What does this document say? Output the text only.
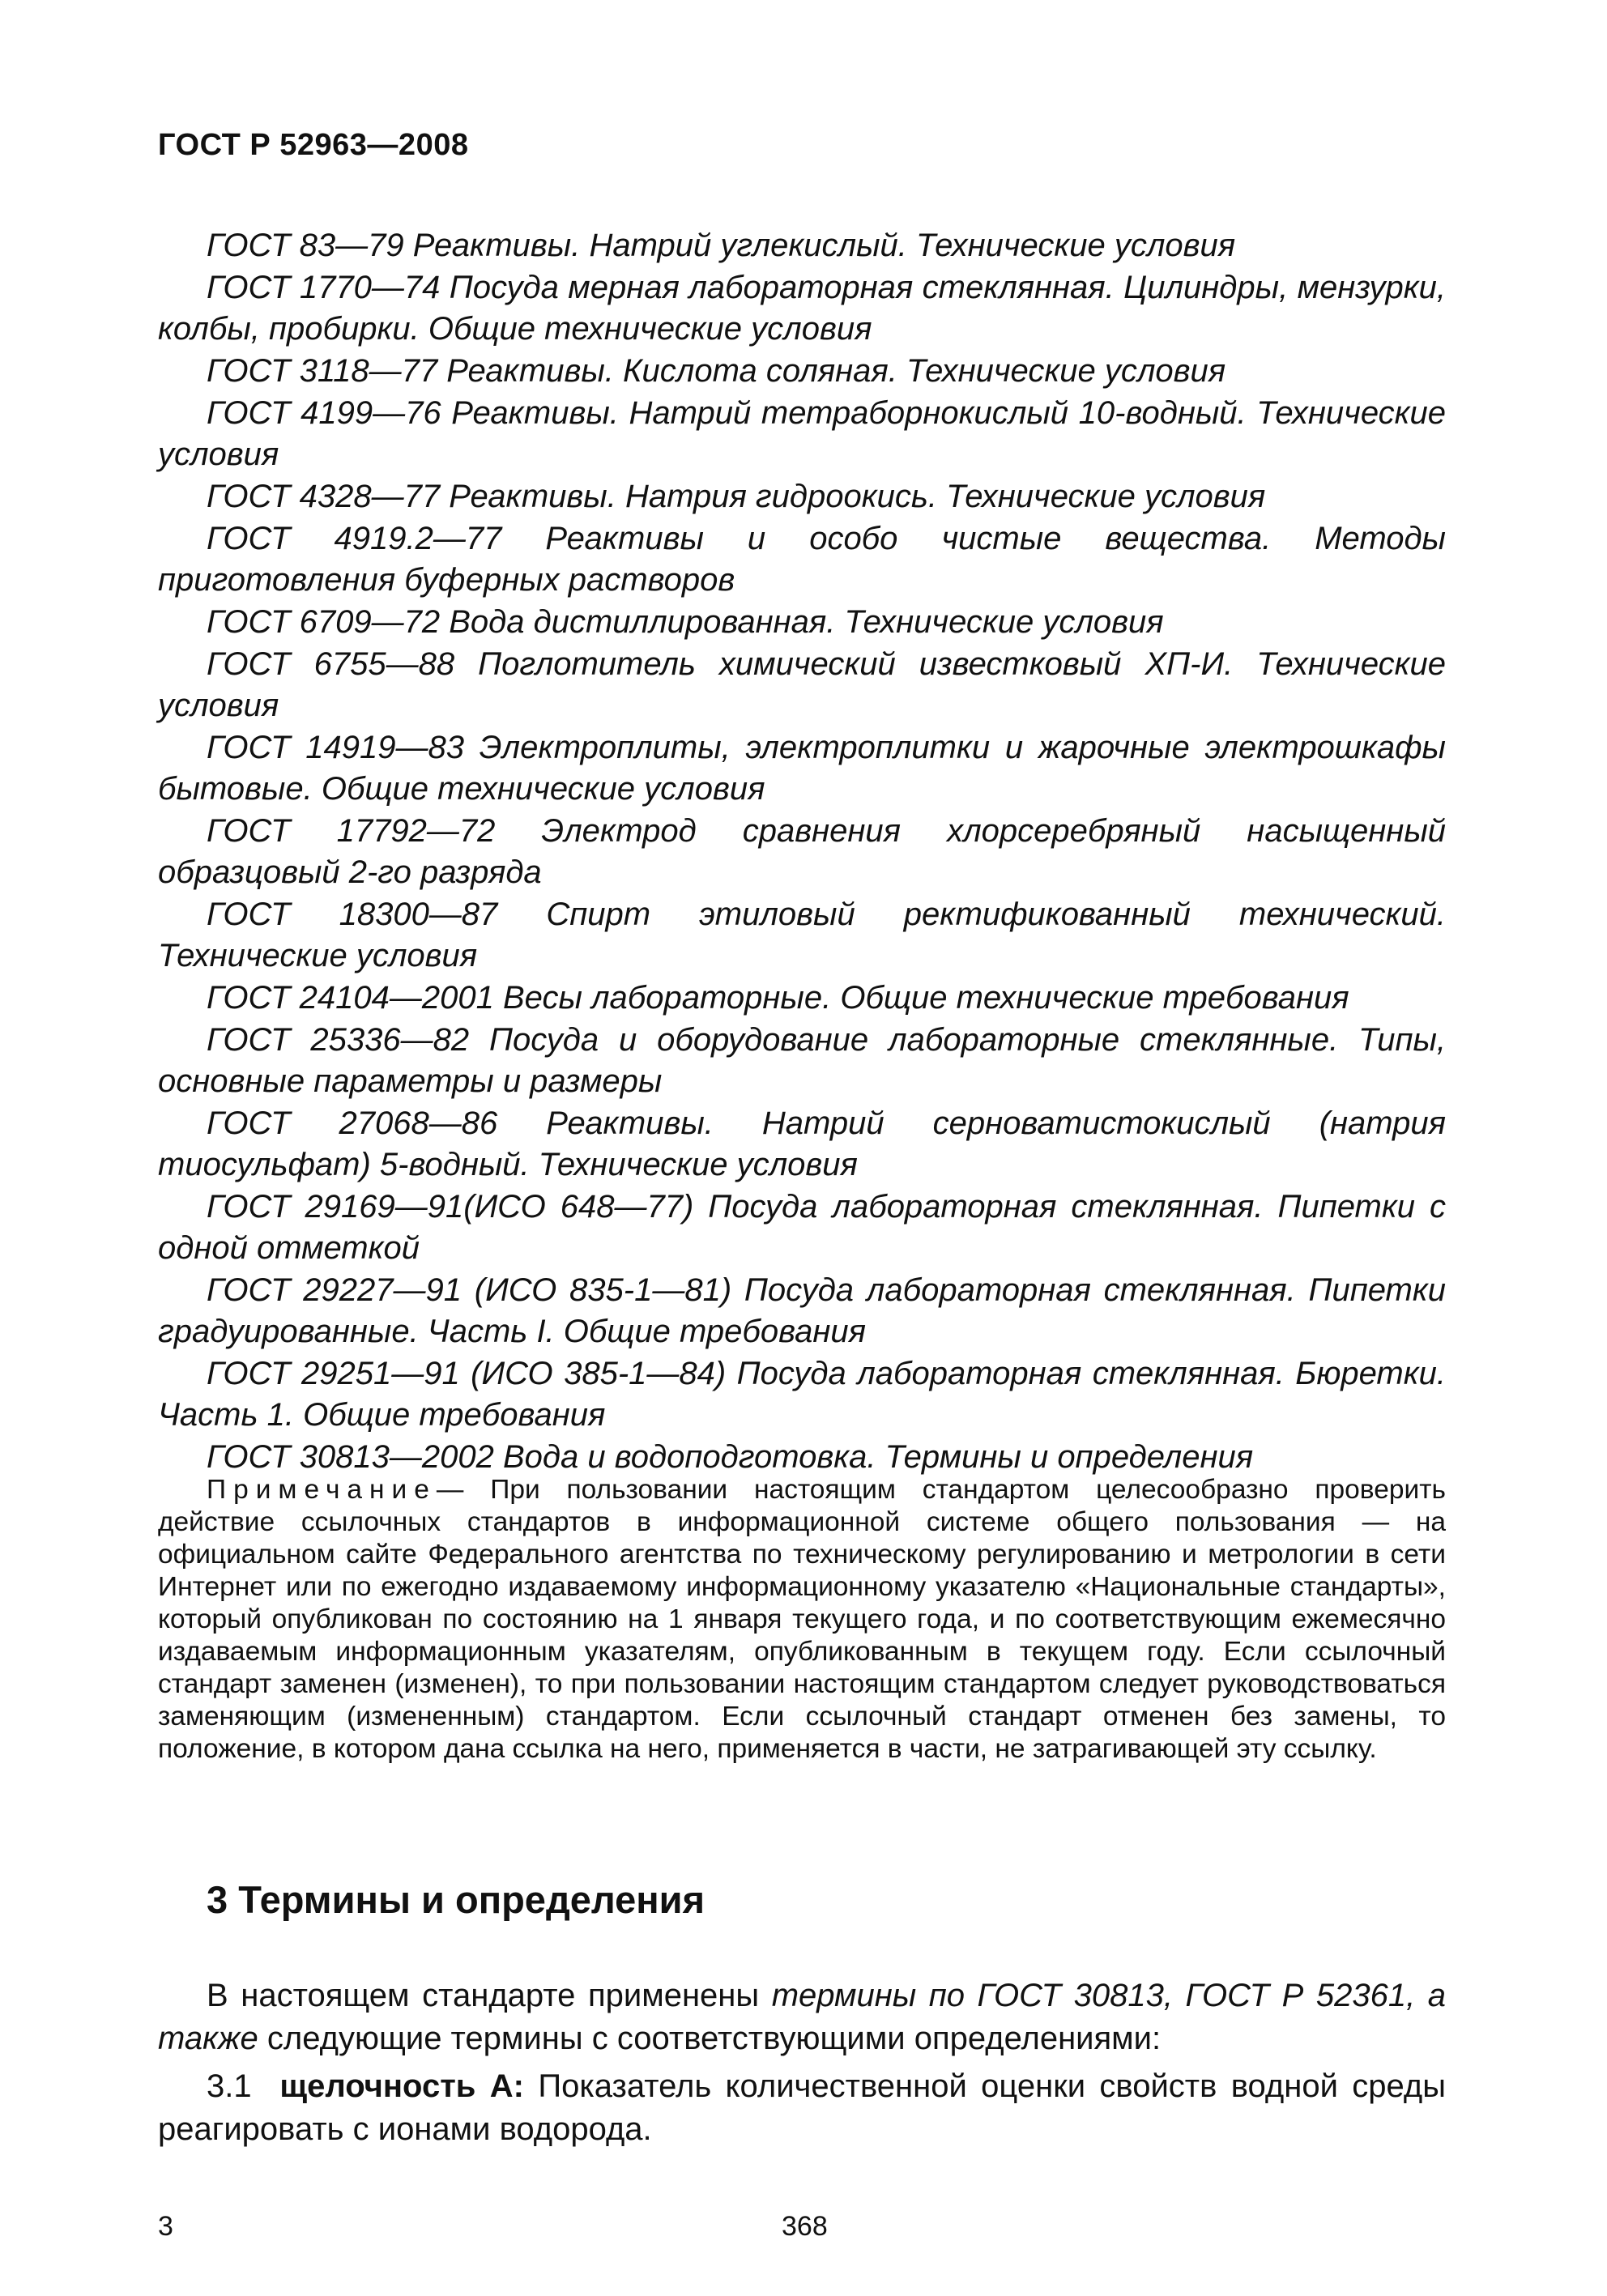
ГОСТ Р 52963—2008

ГОСТ 83—79 Реактивы. Натрий углекислый. Технические условия

ГОСТ 1770—74 Посуда мерная лабораторная стеклянная. Цилиндры, мензурки, колбы, пробирки. Общие технические условия

ГОСТ 3118—77 Реактивы. Кислота соляная. Технические условия

ГОСТ 4199—76 Реактивы. Натрий тетраборнокислый 10-водный. Технические условия

ГОСТ 4328—77 Реактивы. Натрия гидроокись. Технические условия

ГОСТ 4919.2—77 Реактивы и особо чистые вещества. Методы приготовления буферных растворов

ГОСТ 6709—72 Вода дистиллированная. Технические условия

ГОСТ 6755—88 Поглотитель химический известковый ХП-И. Технические условия

ГОСТ 14919—83 Электроплиты, электроплитки и жарочные электрошкафы бытовые. Общие технические условия

ГОСТ 17792—72 Электрод сравнения хлорсеребряный насыщенный образцовый 2-го разряда

ГОСТ 18300—87 Спирт этиловый ректификованный технический. Технические условия

ГОСТ 24104—2001 Весы лабораторные. Общие технические требования

ГОСТ 25336—82 Посуда и оборудование лабораторные стеклянные. Типы, основные параметры и размеры

ГОСТ 27068—86 Реактивы. Натрий серноватистокислый (натрия тиосульфат) 5-водный. Технические условия

ГОСТ 29169—91(ИСО 648—77) Посуда лабораторная стеклянная. Пипетки с одной отметкой

ГОСТ 29227—91 (ИСО 835-1—81) Посуда лабораторная стеклянная. Пипетки градуированные. Часть I. Общие требования

ГОСТ 29251—91 (ИСО 385-1—84) Посуда лабораторная стеклянная. Бюретки. Часть 1. Общие требования

ГОСТ 30813—2002 Вода и водоподготовка. Термины и определения

Примечание— При пользовании настоящим стандартом целесообразно проверить действие ссылочных стандартов в информационной системе общего пользования — на официальном сайте Федерального агентства по техническому регулированию и метрологии в сети Интернет или по ежегодно издаваемому информационному указателю «Национальные стандарты», который опубликован по состоянию на 1 января текущего года, и по соответствующим ежемесячно издаваемым информационным указателям, опубликованным в текущем году. Если ссылочный стандарт заменен (изменен), то при пользовании настоящим стандартом следует руководствоваться заменяющим (измененным) стандартом. Если ссылочный стандарт отменен без замены, то положение, в котором дана ссылка на него, применяется в части, не затрагивающей эту ссылку.
3 Термины и определения

В настоящем стандарте применены термины по ГОСТ 30813, ГОСТ Р 52361, а также следующие термины с соответствующими определениями:

3.1 щелочность А: Показатель количественной оценки свойств водной среды реагировать с ионами водорода.

3	368
